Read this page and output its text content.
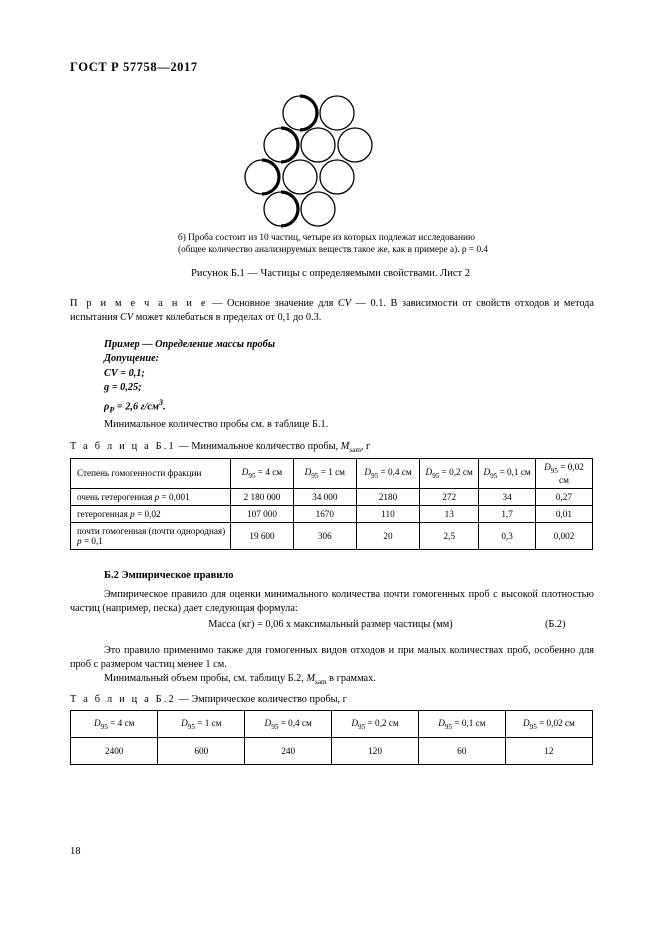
ГОСТ Р 57758—2017
б) Проба состоит из 10 частиц, четыре из которых подлежат исследованию
(общее количество анализируемых веществ такое же, как в примере а). p = 0.4
Рисунок Б.1 — Частицы с определяемыми свойствами. Лист 2
П р и м е ч а н и е — Основное значение для CV — 0.1. В зависимости от свойств отходов и метода испытания CV может колебаться в пределах от 0,1 до 0.3.
Пример — Определение массы пробы
Допущение:
CV = 0,1;
g = 0,25;
$\rho_P = 2,6$ $г/см^3$.
Минимальное количество пробы см. в таблице Б.1.
Т а б л и ц а Б.1 — Минимальное количество пробы, $M_{sam}$, г
Степень гомогенности фракции	$D_{95} = 4$ см	$D_{95} = 1$ см	$D_{95} = 0,4$ см	$D_{95} = 0,2$ см	$D_{95} = 0,1$ см	$D_{95} = 0,02$ см
очень гетерогенная p = 0,001	2 180 000	34 000	2180	272	34	0,27
гетерогенная p = 0,02	107 000	1670	110	13	1,7	0,01
почти гомогенная (почти однородная) p = 0,1	19 600	306	20	2,5	0,3	0,002
Б.2 Эмпирическое правило
Эмпирическое правило для оценки минимального количества почти гомогенных проб с высокой плотностью частиц (например, песка) дает следующая формула:
Масса (кг) = 0,06 х максимальный размер частицы (мм)	(Б.2)
Это правило применимо также для гомогенных видов отходов и при малых количествах проб, особенно для проб с размером частиц менее 1 см.
Минимальный объем пробы, см. таблицу Б.2, $M_{sam}$ в граммах.
Т а б л и ц а Б.2 — Эмпирическое количество пробы, г
$D_{95} = 4$ см	$D_{95} = 1$ см	$D_{95} = 0,4$ см	$D_{95} = 0,2$ см	$D_{95} = 0,1$ см	$D_{95} = 0,02$ см
2400	600	240	120	60	12
18
